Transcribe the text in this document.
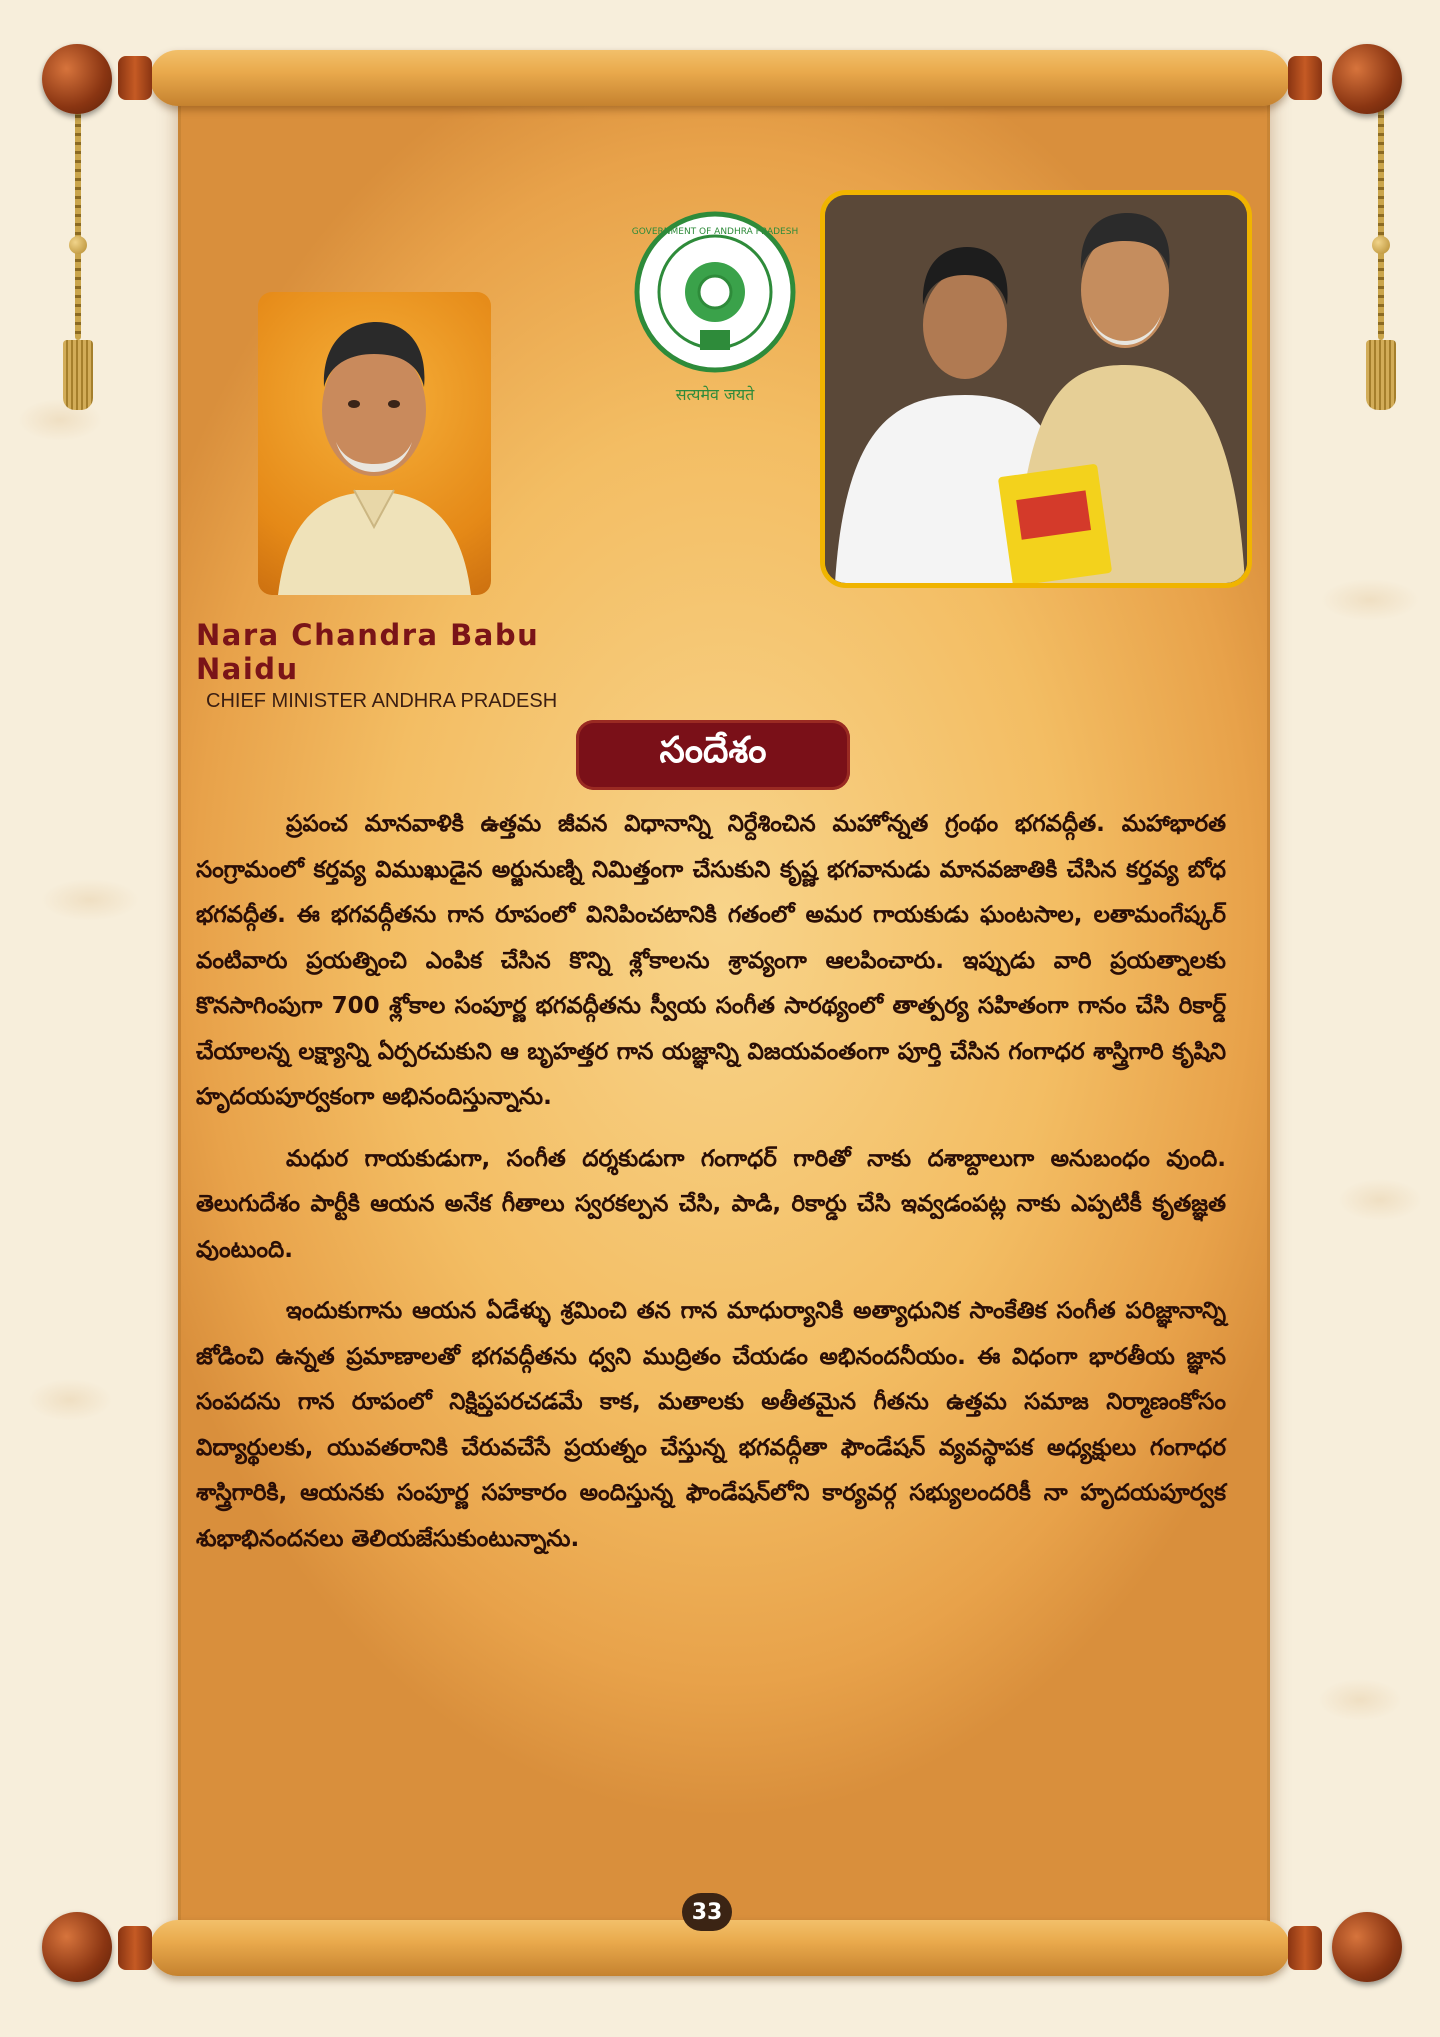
GOVERNMENT OF ANDHRA PRADESH
सत्यमेव जयते

Nara Chandra Babu Naidu

CHIEF MINISTER ANDHRA PRADESH

సందేశం

ప్రపంచ మానవాళికి ఉత్తమ జీవన విధానాన్ని నిర్దేశించిన మహోన్నత గ్రంథం భగవద్గీత. మహాభారత సంగ్రామంలో కర్తవ్య విముఖుడైన అర్జునుణ్ని నిమిత్తంగా చేసుకుని కృష్ణ భగవానుడు మానవజాతికి చేసిన కర్తవ్య బోధ భగవద్గీత. ఈ భగవద్గీతను గాన రూపంలో వినిపించటానికి గతంలో అమర గాయకుడు ఘంటసాల, లతామంగేష్కర్ వంటివారు ప్రయత్నించి ఎంపిక చేసిన కొన్ని శ్లోకాలను శ్రావ్యంగా ఆలపించారు. ఇప్పుడు వారి ప్రయత్నాలకు కొనసాగింపుగా 700 శ్లోకాల సంపూర్ణ భగవద్గీతను స్వీయ సంగీత సారథ్యంలో తాత్పర్య సహితంగా గానం చేసి రికార్డ్ చేయాలన్న లక్ష్యాన్ని ఏర్పరచుకుని ఆ బృహత్తర గాన యజ్ఞాన్ని విజయవంతంగా పూర్తి చేసిన గంగాధర శాస్త్రిగారి కృషిని హృదయపూర్వకంగా అభినందిస్తున్నాను.

మధుర గాయకుడుగా, సంగీత దర్శకుడుగా గంగాధర్ గారితో నాకు దశాబ్దాలుగా అనుబంధం వుంది. తెలుగుదేశం పార్టీకి ఆయన అనేక గీతాలు స్వరకల్పన చేసి, పాడి, రికార్డు చేసి ఇవ్వడంపట్ల నాకు ఎప్పటికీ కృతజ్ఞత వుంటుంది.

ఇందుకుగాను ఆయన ఏడేళ్ళు శ్రమించి తన గాన మాధుర్యానికి అత్యాధునిక సాంకేతిక సంగీత పరిజ్ఞానాన్ని జోడించి ఉన్నత ప్రమాణాలతో భగవద్గీతను ధ్వని ముద్రితం చేయడం అభినందనీయం. ఈ విధంగా భారతీయ జ్ఞాన సంపదను గాన రూపంలో నిక్షిప్తపరచడమే కాక, మతాలకు అతీతమైన గీతను ఉత్తమ సమాజ నిర్మాణంకోసం విద్యార్థులకు, యువతరానికి చేరువచేసే ప్రయత్నం చేస్తున్న భగవద్గీతా ఫౌండేషన్ వ్యవస్థాపక అధ్యక్షులు గంగాధర శాస్త్రిగారికి, ఆయనకు సంపూర్ణ సహకారం అందిస్తున్న ఫౌండేషన్‌లోని కార్యవర్గ సభ్యులందరికీ నా హృదయపూర్వక శుభాభినందనలు తెలియజేసుకుంటున్నాను.

33
